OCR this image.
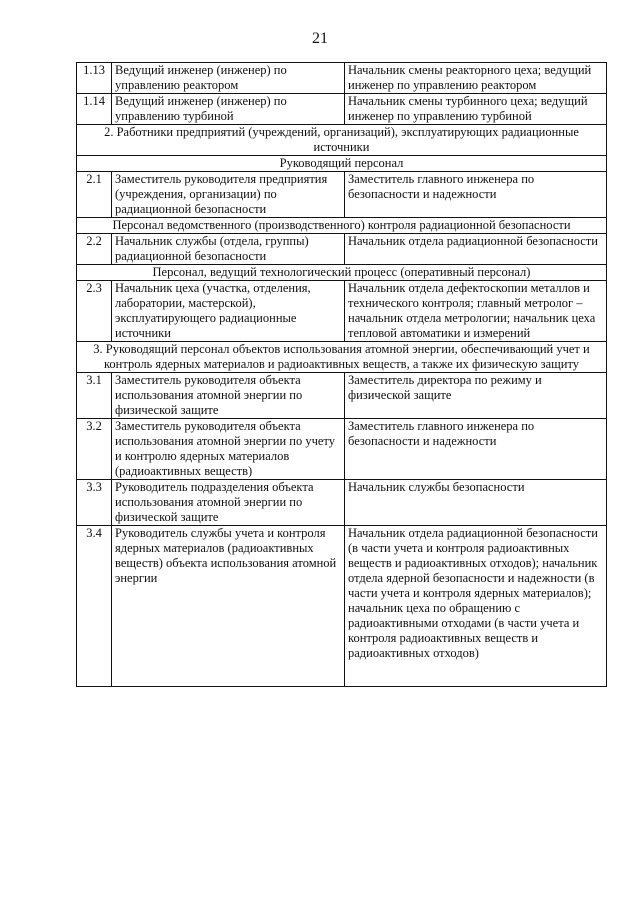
21
1.13	Ведущий инженер (инженер) по управлению реактором	Начальник смены реакторного цеха; ведущий инженер по управлению реактором
1.14	Ведущий инженер (инженер) по управлению турбиной	Начальник смены турбинного цеха; ведущий инженер по управлению турбиной
2. Работники предприятий (учреждений, организаций), эксплуатирующих радиационные источники		
Руководящий персонал		
2.1	Заместитель руководителя предприятия (учреждения, организации) по радиационной безопасности	Заместитель главного инженера по безопасности и надежности
Персонал ведомственного (производственного) контроля радиационной безопасности		
2.2	Начальник службы (отдела, группы) радиационной безопасности	Начальник отдела радиационной безопасности
Персонал, ведущий технологический процесс (оперативный персонал)		
2.3	Начальник цеха (участка, отделения, лаборатории, мастерской), эксплуатирующего радиационные источники	Начальник отдела дефектоскопии металлов и технического контроля; главный метролог – начальник отдела метрологии; начальник цеха тепловой автоматики и измерений
3. Руководящий персонал объектов использования атомной энергии, обеспечивающий учет и контроль ядерных материалов и радиоактивных веществ, а также их физическую защиту		
3.1	Заместитель руководителя объекта использования атомной энергии по физической защите	Заместитель директора по режиму и физической защите
3.2	Заместитель руководителя объекта использования атомной энергии по учету и контролю ядерных материалов (радиоактивных веществ)	Заместитель главного инженера по безопасности и надежности
3.3	Руководитель подразделения объекта использования атомной энергии по физической защите	Начальник службы безопасности
3.4	Руководитель службы учета и контроля ядерных материалов (радиоактивных веществ) объекта использования атомной энергии	Начальник отдела радиационной безопасности (в части учета и контроля радиоактивных веществ и радиоактивных отходов); начальник отдела ядерной безопасности и надежности (в части учета и контроля ядерных материалов); начальник цеха по обращению с радиоактивными отходами (в части учета и контроля радиоактивных веществ и радиоактивных отходов)
